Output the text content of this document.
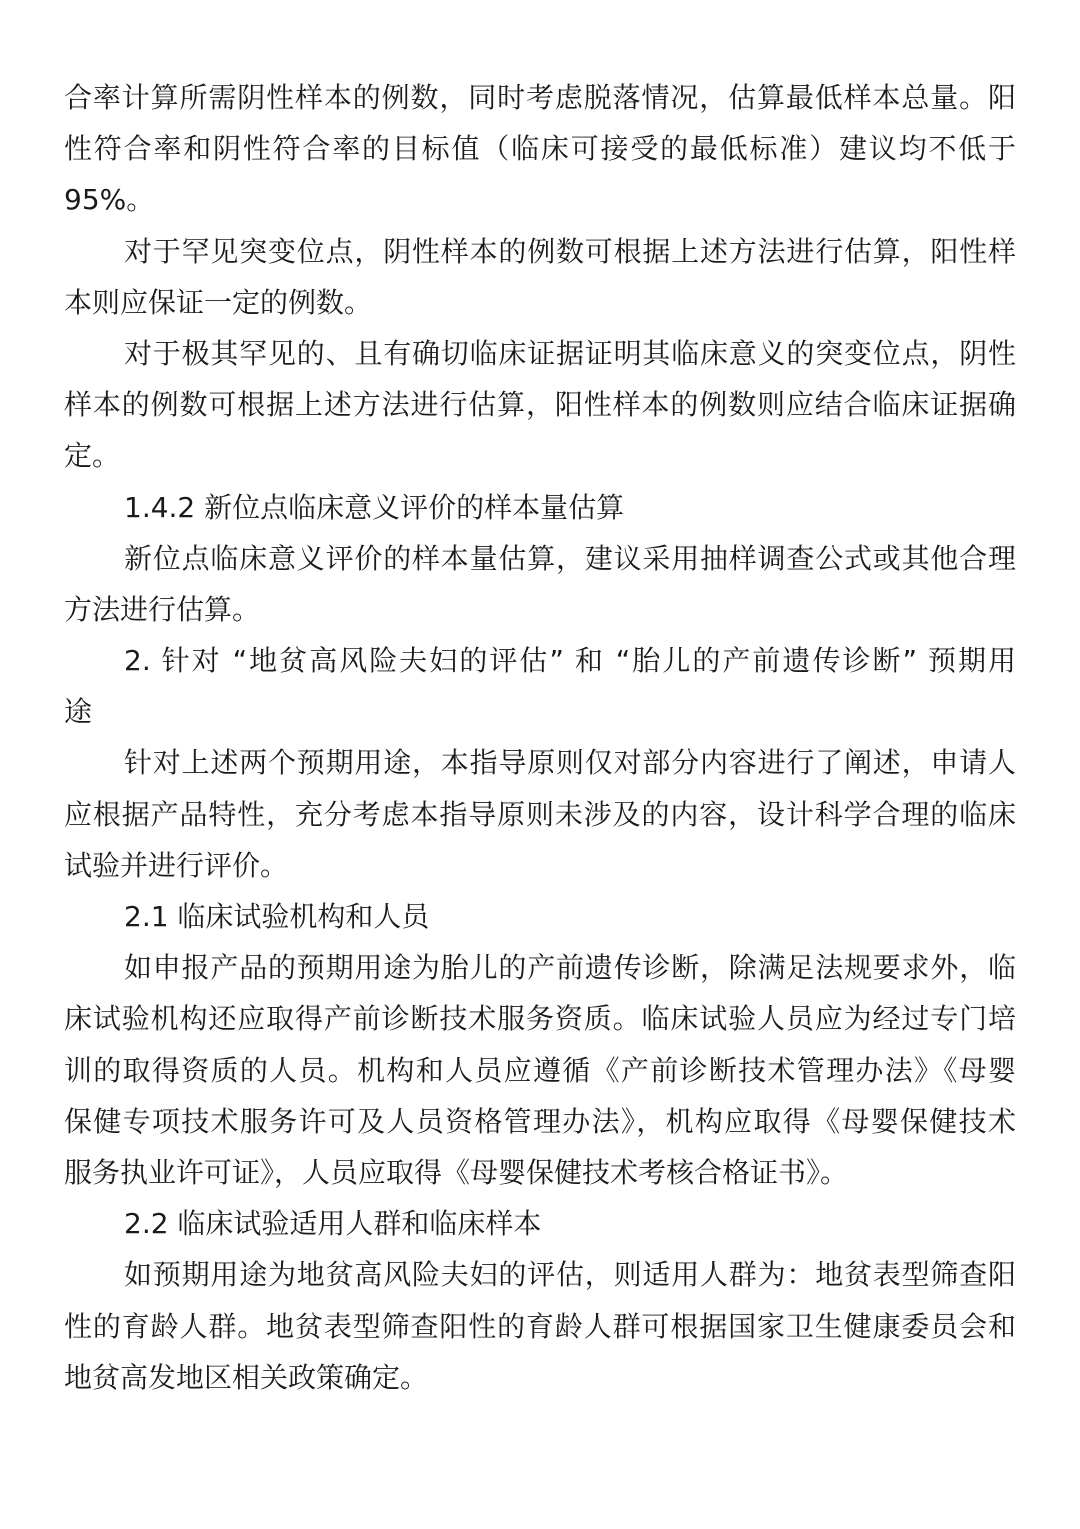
合率计算所需阴性样本的例数，同时考虑脱落情况，估算最低样本总量。阳
性符合率和阴性符合率的目标值（临床可接受的最低标准）建议均不低于
95%。
对于罕见突变位点，阴性样本的例数可根据上述方法进行估算，阳性样
本则应保证一定的例数。
对于极其罕见的、且有确切临床证据证明其临床意义的突变位点，阴性
样本的例数可根据上述方法进行估算，阳性样本的例数则应结合临床证据确
定。
1.4.2 新位点临床意义评价的样本量估算
新位点临床意义评价的样本量估算，建议采用抽样调查公式或其他合理
方法进行估算。
2. 针对 “地贫高风险夫妇的评估” 和 “胎儿的产前遗传诊断” 预期用
途
针对上述两个预期用途，本指导原则仅对部分内容进行了阐述，申请人
应根据产品特性，充分考虑本指导原则未涉及的内容，设计科学合理的临床
试验并进行评价。
2.1 临床试验机构和人员
如申报产品的预期用途为胎儿的产前遗传诊断，除满足法规要求外，临
床试验机构还应取得产前诊断技术服务资质。临床试验人员应为经过专门培
训的取得资质的人员。机构和人员应遵循《产前诊断技术管理办法》《母婴
保健专项技术服务许可及人员资格管理办法》，机构应取得《母婴保健技术
服务执业许可证》，人员应取得《母婴保健技术考核合格证书》。
2.2 临床试验适用人群和临床样本
如预期用途为地贫高风险夫妇的评估，则适用人群为：地贫表型筛查阳
性的育龄人群。地贫表型筛查阳性的育龄人群可根据国家卫生健康委员会和
地贫高发地区相关政策确定。
